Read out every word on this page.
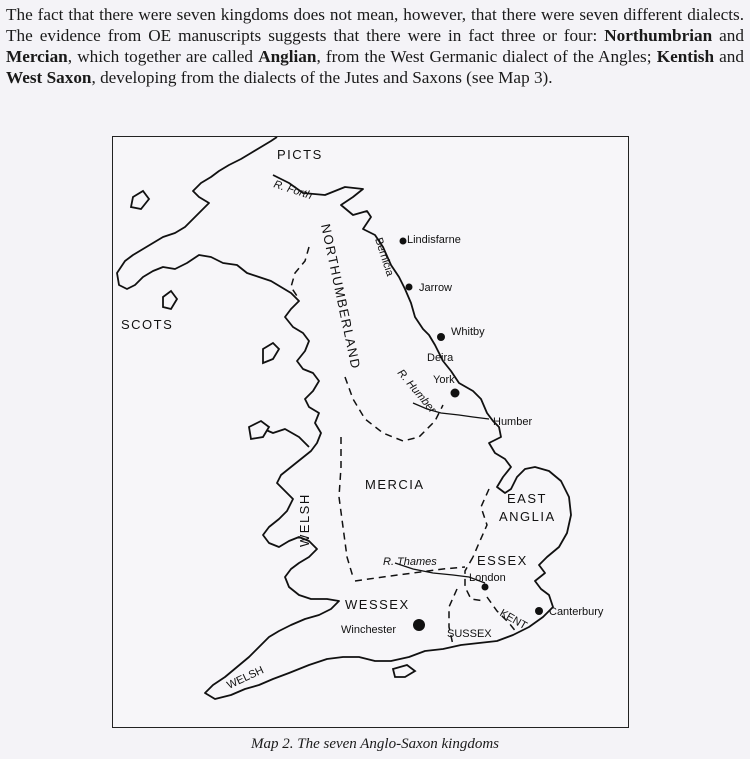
The fact that there were seven kingdoms does not mean, however, that there were seven different dialects. The evidence from OE manuscripts suggests that there were in fact three or four: Northumbrian and Mercian, which together are called Anglian, from the West Germanic dialect of the Angles; Kentish and West Saxon, developing from the dialects of the Jutes and Saxons (see Map 3).

PICTS
SCOTS	NORTHUMBERLAND Bernicia
Deira
MERCIA
WELSH
WELSH
EAST
ANGLIA
ESSEX
KENT
WESSEX
SUSSEX
Lindisfarne
Jarrow
Whitby
York
Humber
London
Canterbury
Winchester
R. Forth
R. Humber
R. Thames
Map 2. The seven Anglo-Saxon kingdoms
